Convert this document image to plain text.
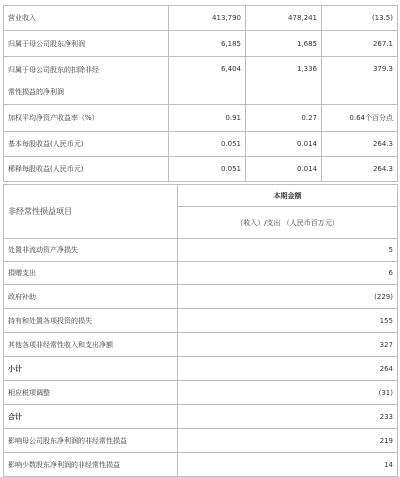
营业收入	413,790	478,241	(13.5)
归属于母公司股东净利润	6,185	1,685	267.1
归属于母公司股东的扣除非经
常性损益的净利润	6,404	1,336	379.3
加权平均净资产收益率（%）	0.91	0.27	0.64个百分点
基本每股收益(人民币元)	0.051	0.014	264.3
稀释每股收益(人民币元)	0.051	0.014	264.3
非经常性损益项目	本期金额
	（收入）/支出 （人民币百万元）
处置非流动资产净损失	5
捐赠支出	6
政府补助	(229)
持有和处置各项投资的损失	155
其他各项非经常性收入和支出净额	327
小计	264
相应税项调整	(31)
合计	233
影响母公司股东净利润的非经常性损益	219
影响少数股东净利润的非经常性损益	14
